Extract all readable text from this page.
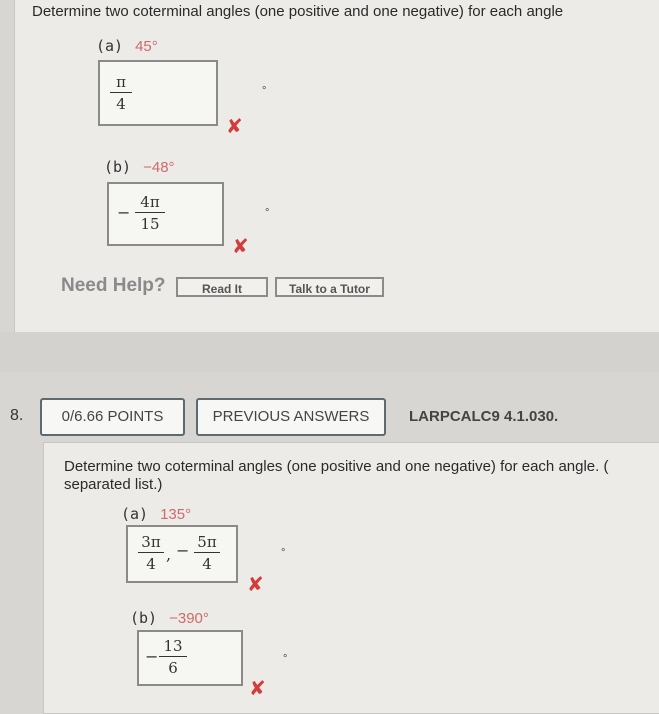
Determine two coterminal angles (one positive and one negative) for each angle
(a) 45°
$\frac{\pi}{4}$	°
✘
(b) −48°
− $\frac{4\pi}{15}$	°
✘
Need Help?	Read It	Talk to a Tutor
8.	0/6.66 POINTS	PREVIOUS ANSWERS	LARPCALC9 4.1.030.
Determine two coterminal angles (one positive and one negative) for each angle. (
separated list.)
(a) 135°
$\frac{3\pi}{4}$ , − $\frac{5\pi}{4}$	°
✘
(b) −390°
− $\frac{13}{6}$	°
✘
